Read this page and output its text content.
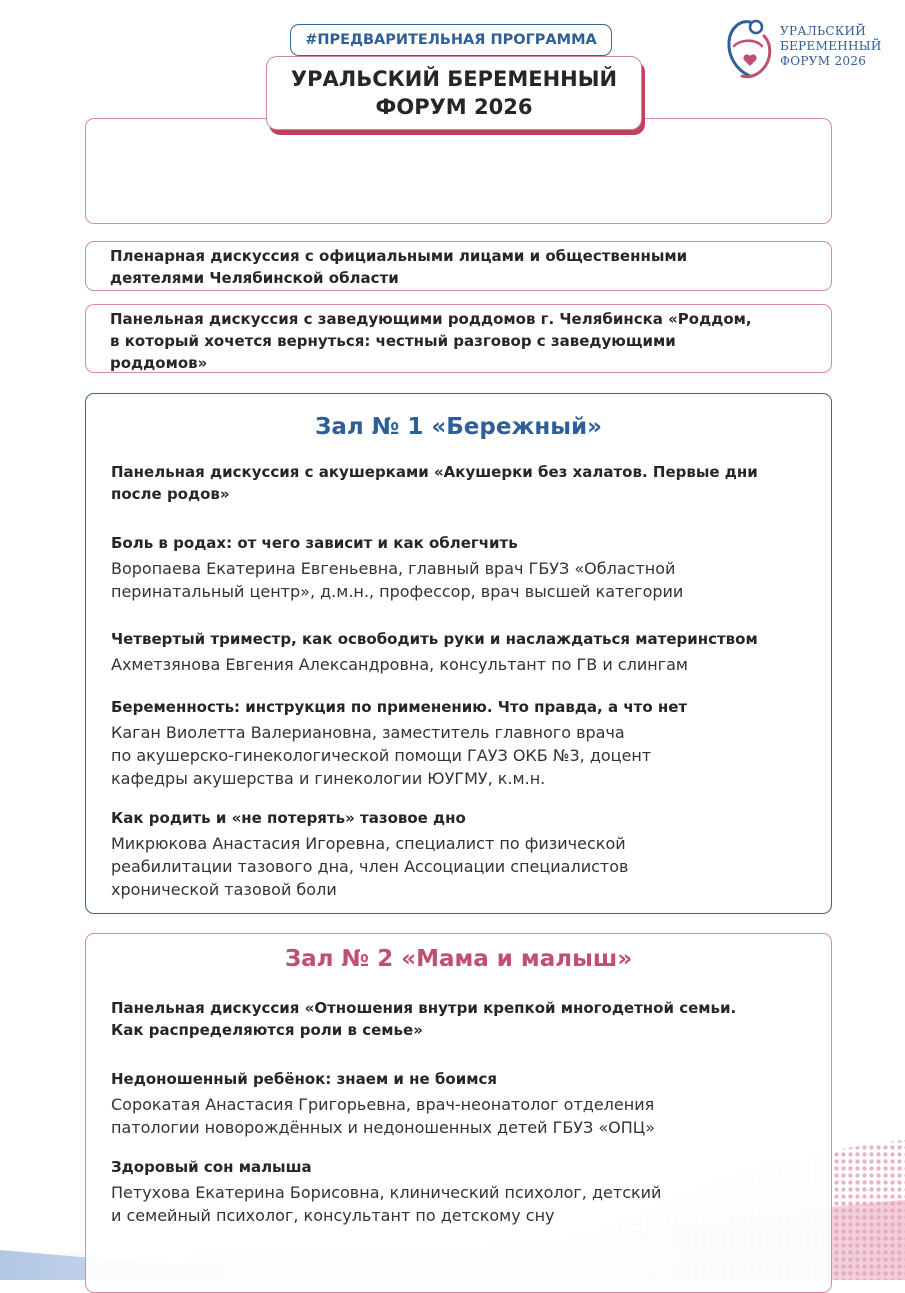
#ПРЕДВАРИТЕЛЬНАЯ ПРОГРАММА
УРАЛЬСКИЙ БЕРЕМЕННЫЙ
ФОРУМ 2026
УРАЛЬСКИЙ
БЕРЕМЕННЫЙ
ФОРУМ 2026
Пленарная дискуссия с официальными лицами и общественными
деятелями Челябинской области
Панельная дискуссия с заведующими роддомов г. Челябинска «Роддом,
в который хочется вернуться: честный разговор с заведующими
роддомов»
Зал № 1 «Бережный»
Панельная дискуссия с акушерками «Акушерки без халатов. Первые дни
после родов»
Боль в родах: от чего зависит и как облегчить
Воропаева Екатерина Евгеньевна, главный врач ГБУЗ «Областной
перинатальный центр», д.м.н., профессор, врач высшей категории
Четвертый триместр, как освободить руки и наслаждаться материнством
Ахметзянова Евгения Александровна, консультант по ГВ и слингам
Беременность: инструкция по применению. Что правда, а что нет
Каган Виолетта Валериановна, заместитель главного врача
по акушерско-гинекологической помощи ГАУЗ ОКБ №3, доцент
кафедры акушерства и гинекологии ЮУГМУ, к.м.н.
Как родить и «не потерять» тазовое дно
Микрюкова Анастасия Игоревна, специалист по физической
реабилитации тазового дна, член Ассоциации специалистов
хронической тазовой боли
Зал № 2 «Мама и малыш»
Панельная дискуссия «Отношения внутри крепкой многодетной семьи.
Как распределяются роли в семье»
Недоношенный ребёнок: знаем и не боимся
Сорокатая Анастасия Григорьевна, врач-неонатолог отделения
патологии новорождённых и недоношенных детей ГБУЗ «ОПЦ»
Здоровый сон малыша
Петухова Екатерина Борисовна, клинический психолог, детский
и семейный психолог, консультант по детскому сну
